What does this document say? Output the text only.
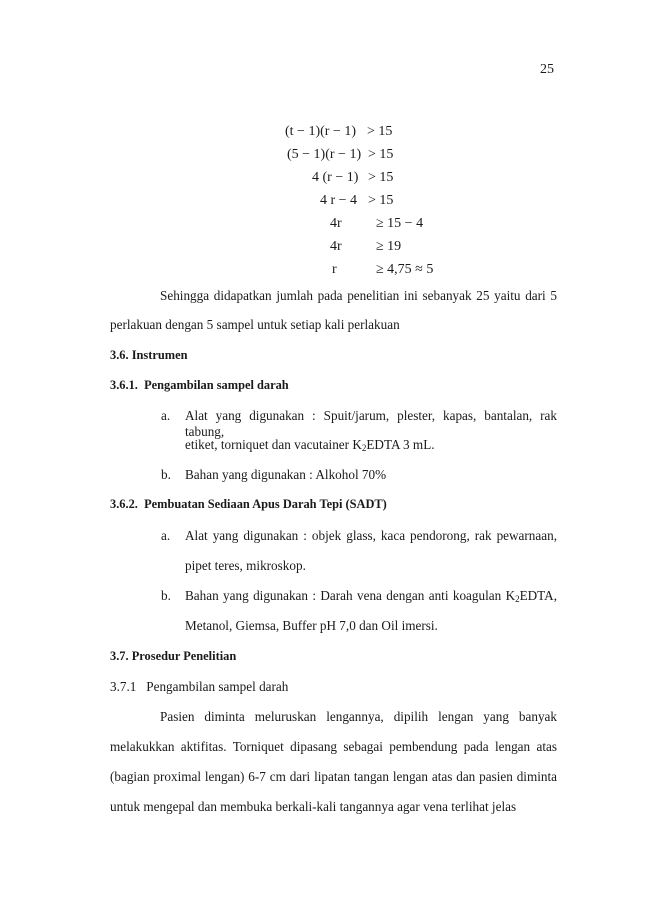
25
(t − 1)(r − 1) > 15
(5 − 1)(r − 1) > 15
4 (r − 1) > 15
4 r − 4 > 15
4r ≥ 15 − 4
4r ≥ 19
r	≥ 4,75 ≈ 5
Sehingga didapatkan jumlah pada penelitian ini sebanyak 25 yaitu dari 5
perlakuan dengan 5 sampel untuk setiap kali perlakuan
3.6. Instrumen
3.6.1. Pengambilan sampel darah
a. Alat yang digunakan : Spuit/jarum, plester, kapas, bantalan, rak tabung,
etiket, torniquet dan vacutainer $K_2EDTA$ 3 mL.
b. Bahan yang digunakan : Alkohol 70%
3.6.2. Pembuatan Sediaan Apus Darah Tepi (SADT)
a. Alat yang digunakan : objek glass, kaca pendorong, rak pewarnaan,
pipet teres, mikroskop.
b. Bahan yang digunakan : Darah vena dengan anti koagulan $K_2EDTA$,
Metanol, Giemsa, Buffer pH 7,0 dan Oil imersi.
3.7. Prosedur Penelitian
3.7.1 Pengambilan sampel darah
Pasien diminta meluruskan lengannya, dipilih lengan yang banyak
melakukkan aktifitas. Torniquet dipasang sebagai pembendung pada lengan atas
(bagian proximal lengan) 6-7 cm dari lipatan tangan lengan atas dan pasien diminta
untuk mengepal dan membuka berkali-kali tangannya agar vena terlihat jelas
